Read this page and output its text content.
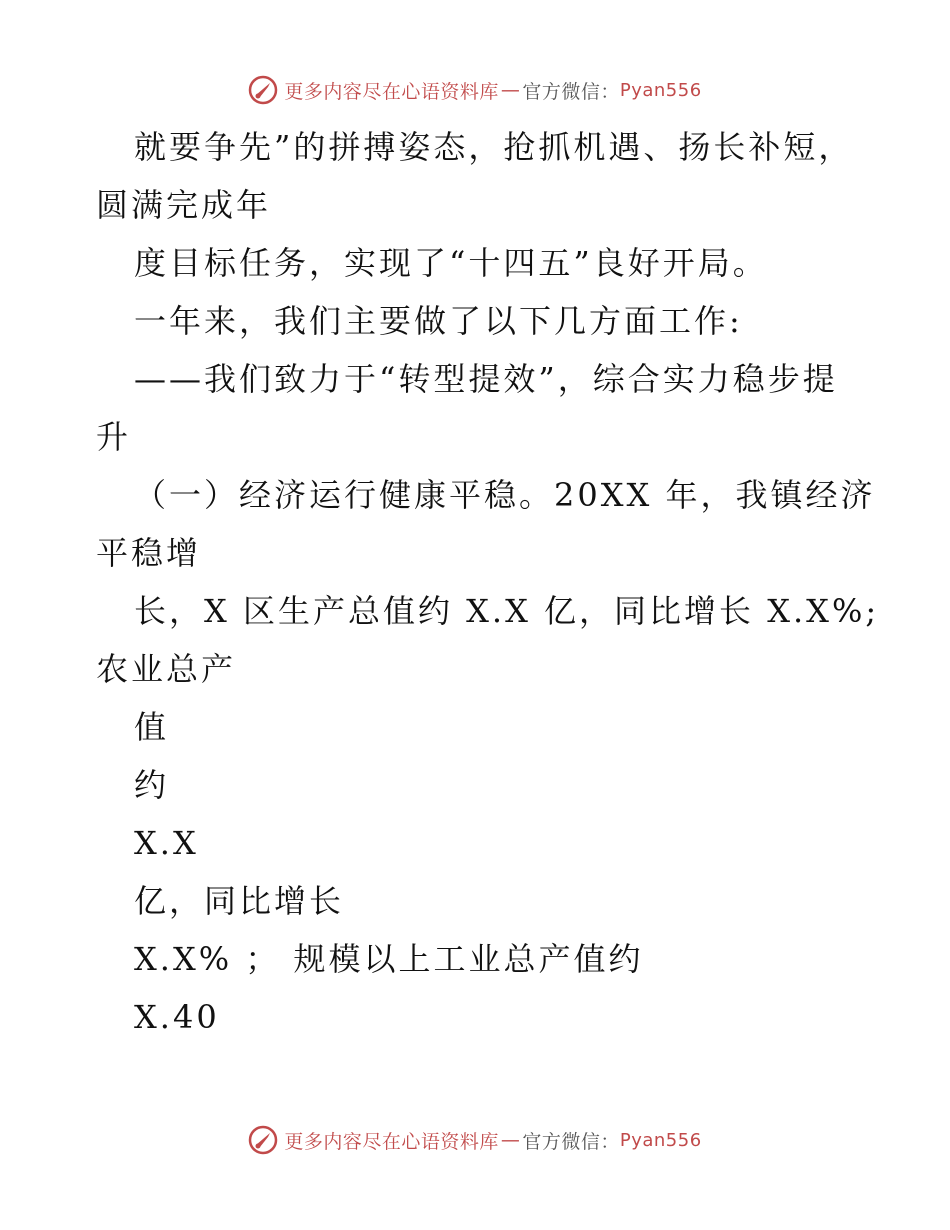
更多内容尽在心语资料库 — 官方微信： Pyan556
就要争先”的拼搏姿态，抢抓机遇、扬长补短，
圆满完成年
度目标任务，实现了“十四五”良好开局。
一年来，我们主要做了以下几方面工作:
——我们致力于“转型提效”，综合实力稳步提
升
（一）经济运行健康平稳。20XX 年，我镇经济
平稳增
长，X 区生产总值约 X.X 亿，同比增长 X.X%;
农业总产
值
约
X.X
亿，同比增长
X.X% ； 规模以上工业总产值约
X.40
更多内容尽在心语资料库 — 官方微信： Pyan556
